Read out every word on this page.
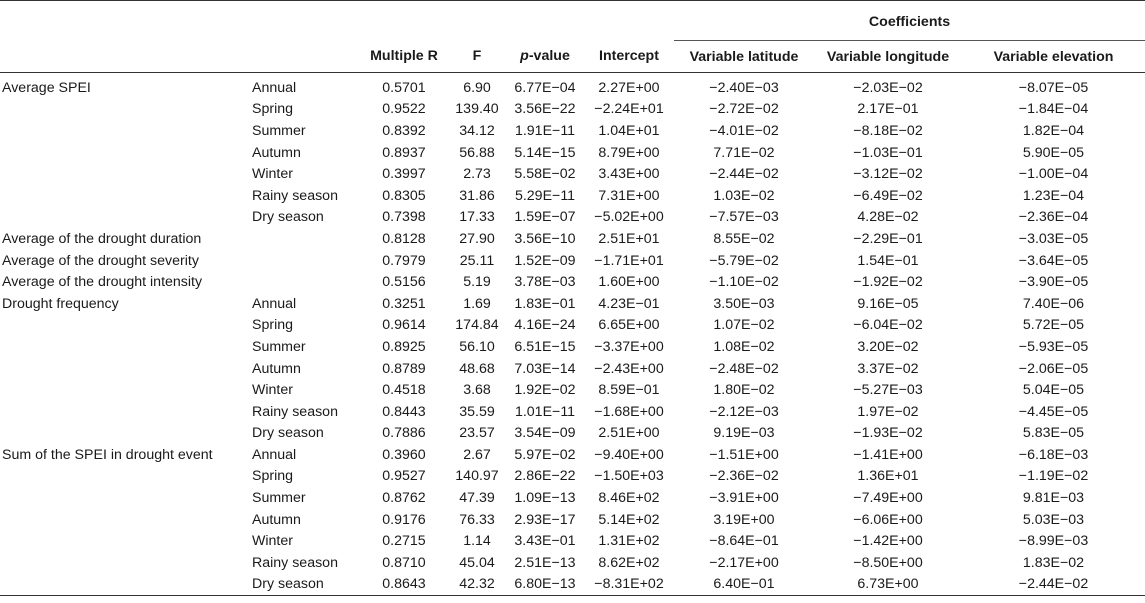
						Coefficients		
		Multiple R	F	p-value	Intercept	Variable latitude	Variable longitude	Variable elevation
Average SPEI	Annual	0.5701	6.90	6.77E−04	2.27E+00	−2.40E−03	−2.03E−02	−8.07E−05
	Spring	0.9522	139.40	3.56E−22	−2.24E+01	−2.72E−02	2.17E−01	−1.84E−04
	Summer	0.8392	34.12	1.91E−11	1.04E+01	−4.01E−02	−8.18E−02	1.82E−04
	Autumn	0.8937	56.88	5.14E−15	8.79E+00	7.71E−02	−1.03E−01	5.90E−05
	Winter	0.3997	2.73	5.58E−02	3.43E+00	−2.44E−02	−3.12E−02	−1.00E−04
	Rainy season	0.8305	31.86	5.29E−11	7.31E+00	1.03E−02	−6.49E−02	1.23E−04
	Dry season	0.7398	17.33	1.59E−07	−5.02E+00	−7.57E−03	4.28E−02	−2.36E−04
Average of the drought duration		0.8128	27.90	3.56E−10	2.51E+01	8.55E−02	−2.29E−01	−3.03E−05
Average of the drought severity		0.7979	25.11	1.52E−09	−1.71E+01	−5.79E−02	1.54E−01	−3.64E−05
Average of the drought intensity		0.5156	5.19	3.78E−03	1.60E+00	−1.10E−02	−1.92E−02	−3.90E−05
Drought frequency	Annual	0.3251	1.69	1.83E−01	4.23E−01	3.50E−03	9.16E−05	7.40E−06
	Spring	0.9614	174.84	4.16E−24	6.65E+00	1.07E−02	−6.04E−02	5.72E−05
	Summer	0.8925	56.10	6.51E−15	−3.37E+00	1.08E−02	3.20E−02	−5.93E−05
	Autumn	0.8789	48.68	7.03E−14	−2.43E+00	−2.48E−02	3.37E−02	−2.06E−05
	Winter	0.4518	3.68	1.92E−02	8.59E−01	1.80E−02	−5.27E−03	5.04E−05
	Rainy season	0.8443	35.59	1.01E−11	−1.68E+00	−2.12E−03	1.97E−02	−4.45E−05
	Dry season	0.7886	23.57	3.54E−09	2.51E+00	9.19E−03	−1.93E−02	5.83E−05
Sum of the SPEI in drought event	Annual	0.3960	2.67	5.97E−02	−9.40E+00	−1.51E+00	−1.41E+00	−6.18E−03
	Spring	0.9527	140.97	2.86E−22	−1.50E+03	−2.36E−02	1.36E+01	−1.19E−02
	Summer	0.8762	47.39	1.09E−13	8.46E+02	−3.91E+00	−7.49E+00	9.81E−03
	Autumn	0.9176	76.33	2.93E−17	5.14E+02	3.19E+00	−6.06E+00	5.03E−03
	Winter	0.2715	1.14	3.43E−01	1.31E+02	−8.64E−01	−1.42E+00	−8.99E−03
	Rainy season	0.8710	45.04	2.51E−13	8.62E+02	−2.17E+00	−8.50E+00	1.83E−02
	Dry season	0.8643	42.32	6.80E−13	−8.31E+02	6.40E−01	6.73E+00	−2.44E−02
